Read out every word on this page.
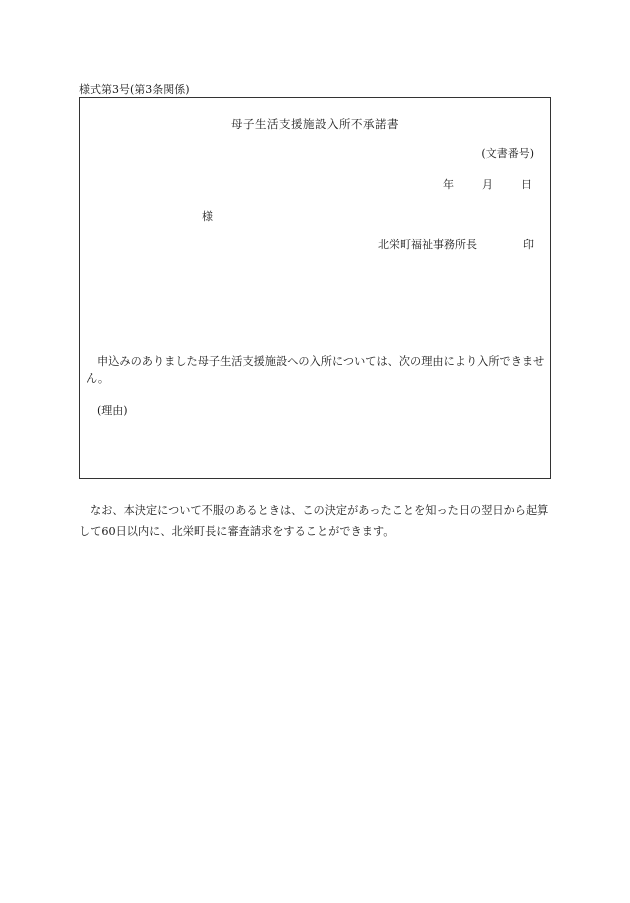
様式第3号(第3条関係)
母子生活支援施設入所不承諾書
(文書番号)
年	月	日
様
北栄町福祉事務所長	印
申込みのありました母子生活支援施設への入所については、次の理由により入所できません。
(理由)
なお、本決定について不服のあるときは、この決定があったことを知った日の翌日から起算して60日以内に、北栄町長に審査請求をすることができます。
